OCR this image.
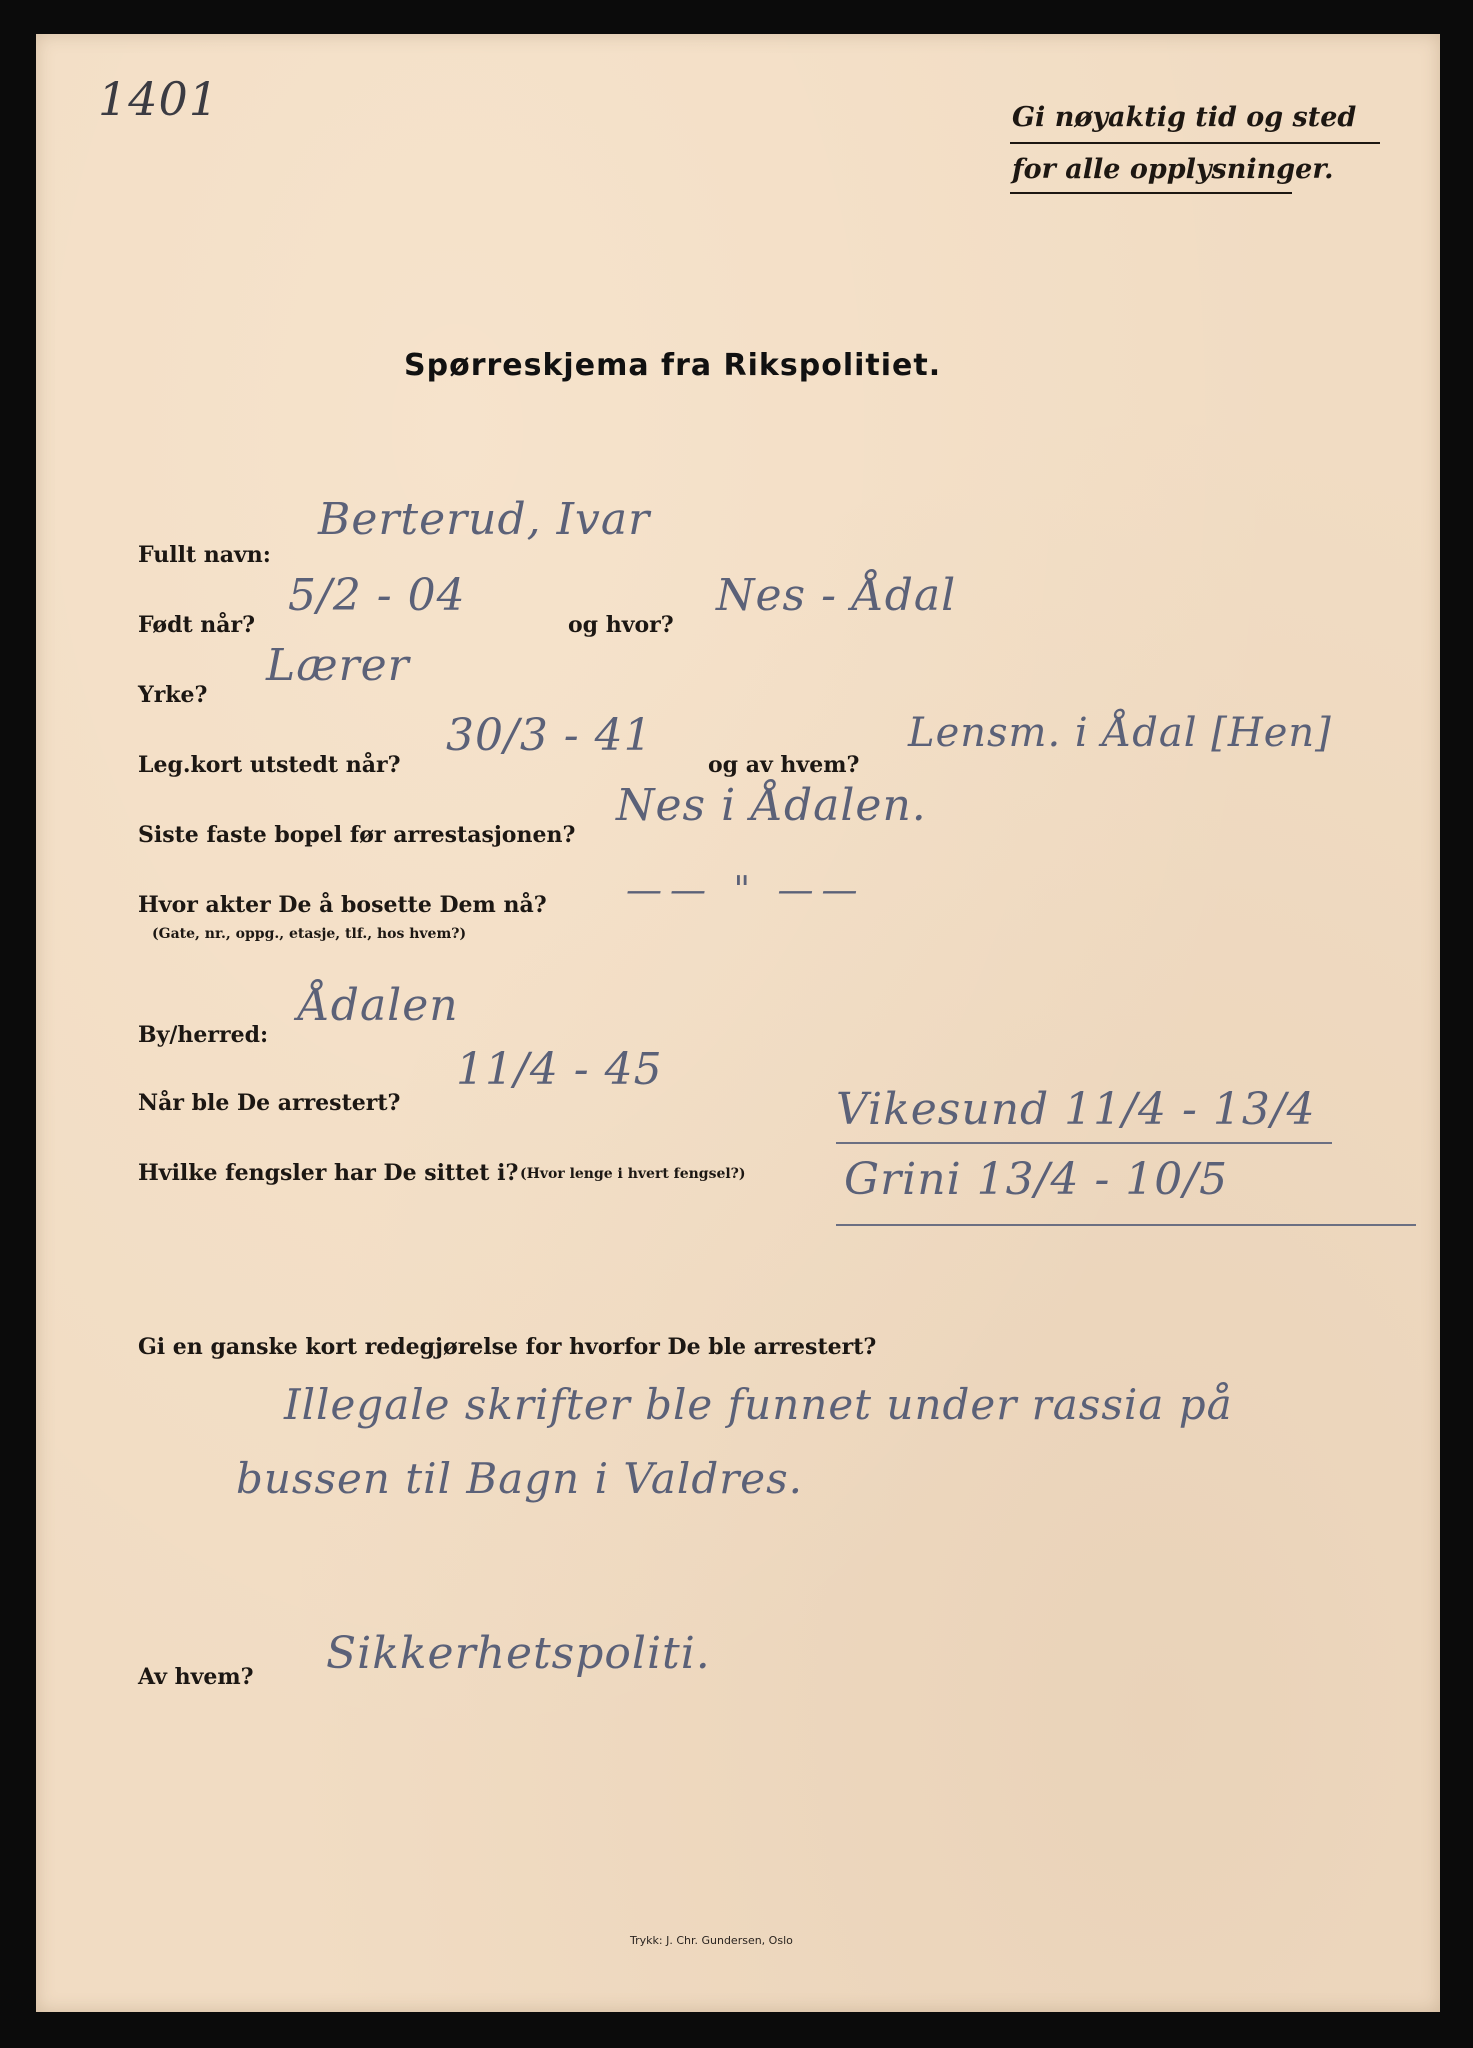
1401	Gi nøyaktig tid og sted
for alle opplysninger.
Spørreskjema fra Rikspolitiet.
Fullt navn:
Berterud, Ivar
Født når?
5/2 - 04
og hvor?
Nes - Ådal
Yrke?
Lærer
Leg.kort utstedt når?
30/3 - 41
og av hvem?
Lensm. i Ådal [Hen]
Siste faste bopel før arrestasjonen?
Nes i Ådalen.
Hvor akter De å bosette Dem nå?
(Gate, nr., oppg., etasje, tlf., hos hvem?)
—— " ——
By/herred:
Ådalen
Når ble De arrestert?
11/4 - 45
Hvilke fengsler har De sittet i? (Hvor lenge i hvert fengsel?)
Vikesund 11/4 - 13/4
Grini 13/4 - 10/5
Gi en ganske kort redegjørelse for hvorfor De ble arrestert?
Illegale skrifter ble funnet under rassia på
bussen til Bagn i Valdres.
Av hvem? Sikkerhetspoliti.
Trykk: J. Chr. Gundersen, Oslo
